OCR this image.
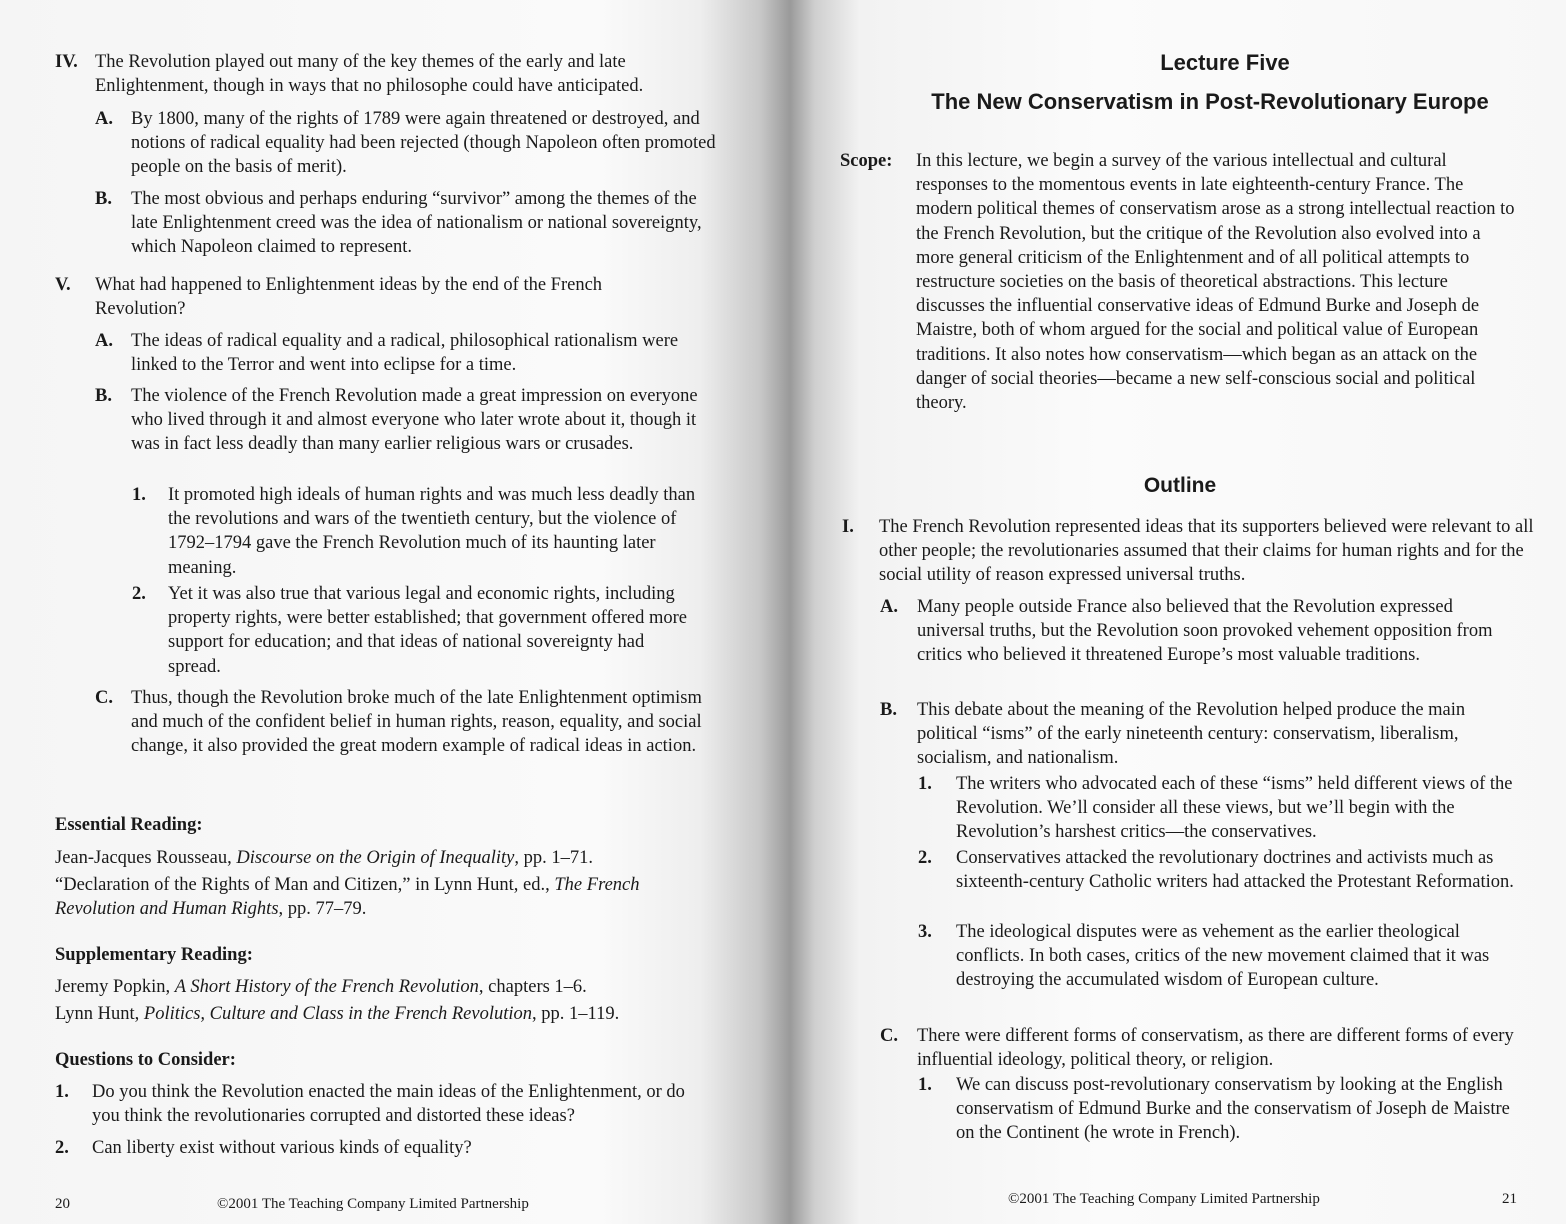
IV. The Revolution played out many of the key themes of the early and late Enlightenment, though in ways that no philosophe could have anticipated.
A. By 1800, many of the rights of 1789 were again threatened or destroyed, and notions of radical equality had been rejected (though Napoleon often promoted people on the basis of merit).
B. The most obvious and perhaps enduring “survivor” among the themes of the late Enlightenment creed was the idea of nationalism or national sovereignty, which Napoleon claimed to represent.
V. What had happened to Enlightenment ideas by the end of the French Revolution?
A. The ideas of radical equality and a radical, philosophical rationalism were linked to the Terror and went into eclipse for a time.
B. The violence of the French Revolution made a great impression on everyone who lived through it and almost everyone who later wrote about it, though it was in fact less deadly than many earlier religious wars or crusades.
1. It promoted high ideals of human rights and was much less deadly than the revolutions and wars of the twentieth century, but the violence of 1792–1794 gave the French Revolution much of its haunting later meaning.
2. Yet it was also true that various legal and economic rights, including property rights, were better established; that government offered more support for education; and that ideas of national sovereignty had spread.
C. Thus, though the Revolution broke much of the late Enlightenment optimism and much of the confident belief in human rights, reason, equality, and social change, it also provided the great modern example of radical ideas in action.
Essential Reading:
Jean-Jacques Rousseau, Discourse on the Origin of Inequality, pp. 1–71.
“Declaration of the Rights of Man and Citizen,” in Lynn Hunt, ed., The French Revolution and Human Rights, pp. 77–79.
Supplementary Reading:
Jeremy Popkin, A Short History of the French Revolution, chapters 1–6.
Lynn Hunt, Politics, Culture and Class in the French Revolution, pp. 1–119.
Questions to Consider:
1. Do you think the Revolution enacted the main ideas of the Enlightenment, or do you think the revolutionaries corrupted and distorted these ideas?
2. Can liberty exist without various kinds of equality?
20	©2001 The Teaching Company Limited Partnership
Lecture Five
The New Conservatism in Post-Revolutionary Europe
Scope: In this lecture, we begin a survey of the various intellectual and cultural responses to the momentous events in late eighteenth-century France. The modern political themes of conservatism arose as a strong intellectual reaction to the French Revolution, but the critique of the Revolution also evolved into a more general criticism of the Enlightenment and of all political attempts to restructure societies on the basis of theoretical abstractions. This lecture discusses the influential conservative ideas of Edmund Burke and Joseph de Maistre, both of whom argued for the social and political value of European traditions. It also notes how conservatism—which began as an attack on the danger of social theories—became a new self-conscious social and political theory.
Outline
I. The French Revolution represented ideas that its supporters believed were relevant to all other people; the revolutionaries assumed that their claims for human rights and for the social utility of reason expressed universal truths.
A. Many people outside France also believed that the Revolution expressed universal truths, but the Revolution soon provoked vehement opposition from critics who believed it threatened Europe’s most valuable traditions.
B. This debate about the meaning of the Revolution helped produce the main political “isms” of the early nineteenth century: conservatism, liberalism, socialism, and nationalism.
1. The writers who advocated each of these “isms” held different views of the Revolution. We’ll consider all these views, but we’ll begin with the Revolution’s harshest critics—the conservatives.
2. Conservatives attacked the revolutionary doctrines and activists much as sixteenth-century Catholic writers had attacked the Protestant Reformation.
3. The ideological disputes were as vehement as the earlier theological conflicts. In both cases, critics of the new movement claimed that it was destroying the accumulated wisdom of European culture.
C. There were different forms of conservatism, as there are different forms of every influential ideology, political theory, or religion.
1. We can discuss post-revolutionary conservatism by looking at the English conservatism of Edmund Burke and the conservatism of Joseph de Maistre on the Continent (he wrote in French).
©2001 The Teaching Company Limited Partnership	21
